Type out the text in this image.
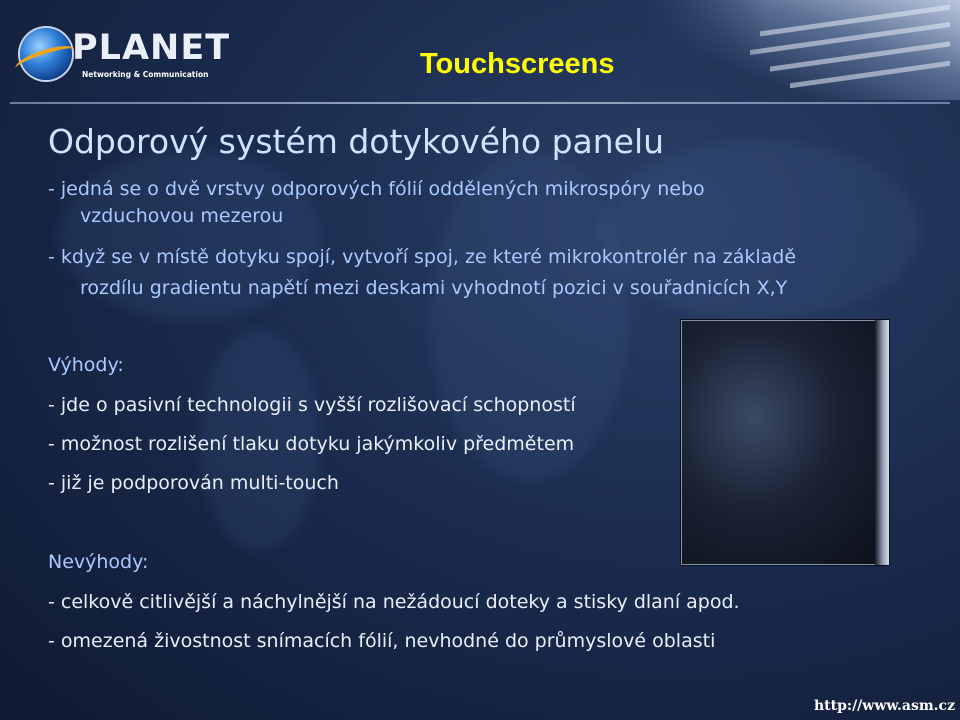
PLANET
Networking & Communication	Touchscreens
Odporový systém dotykového panelu
- jedná se o dvě vrstvy odporových fólií oddělených mikrospóry nebo
vzduchovou mezerou
- když se v místě dotyku spojí, vytvoří spoj, ze které mikrokontrolér na základě
rozdílu gradientu napětí mezi deskami vyhodnotí pozici v souřadnicích X,Y
Výhody:
- jde o pasivní technologii s vyšší rozlišovací schopností
- možnost rozlišení tlaku dotyku jakýmkoliv předmětem
- již je podporován multi-touch
Nevýhody:
- celkově citlivější a náchylnější na nežádoucí doteky a stisky dlaní apod.
- omezená živostnost snímacích fólií, nevhodné do průmyslové oblasti
http://www.asm.cz
